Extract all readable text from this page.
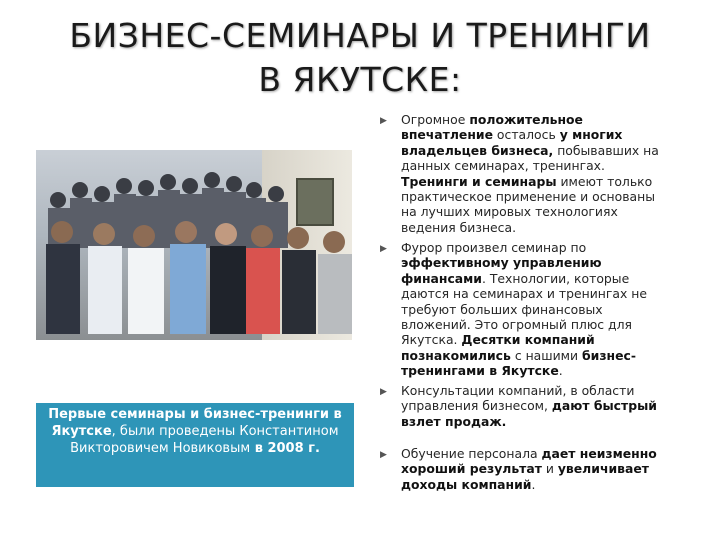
БИЗНЕС-СЕМИНАРЫ И ТРЕНИНГИ
В ЯКУТСКЕ:
Первые семинары и бизнес-тренинги в Якутске, были проведены Константином Викторовичем Новиковым в 2008 г.
▶ Огромное положительное впечатление осталось у многих владельцев бизнеса, побывавших на данных семинарах, тренингах. Тренинги и семинары имеют только практическое применение и основаны на лучших мировых технологиях ведения бизнеса.
▶ Фурор произвел семинар по эффективному управлению финансами. Технологии, которые даются на семинарах и тренингах не требуют больших финансовых вложений. Это огромный плюс для Якутска. Десятки компаний познакомились с нашими бизнес-тренингами в Якутске.
▶ Консультации компаний, в области управления бизнесом, дают быстрый взлет продаж.
▶ Обучение персонала дает неизменно хороший результат и увеличивает доходы компаний.
